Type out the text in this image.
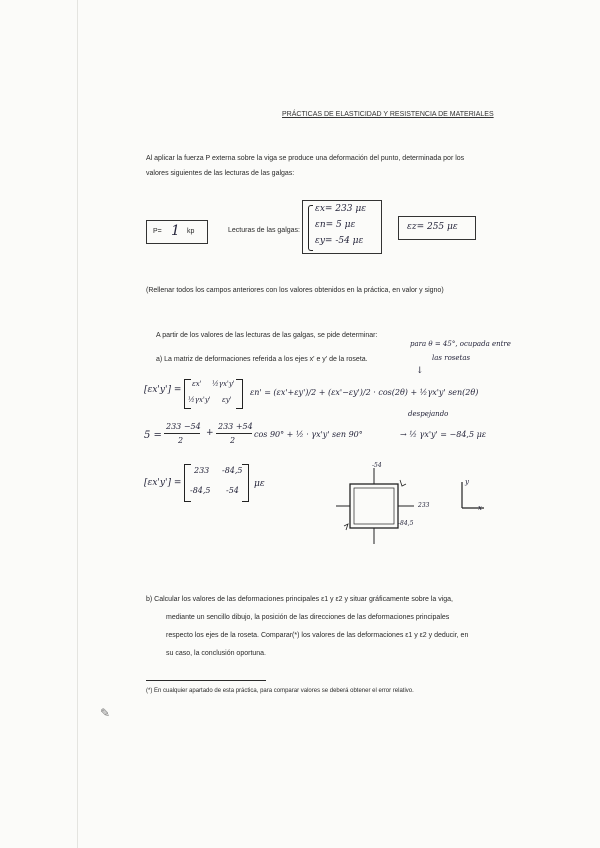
PRÁCTICAS DE ELASTICIDAD Y RESISTENCIA DE MATERIALES
Al aplicar la fuerza P externa sobre la viga se produce una deformación del punto, determinada por los
valores siguientes de las lecturas de las galgas:
P= 1 kp	Lecturas de las galgas:
εx= 233 με
εn= 5 με
εy= -54 με
εz= 255 με
(Rellenar todos los campos anteriores con los valores obtenidos en la práctica, en valor y signo)
A partir de los valores de las lecturas de las galgas, se pide determinar:
a) La matriz de deformaciones referida a los ejes x' e y' de la roseta.
para θ = 45°, ocupada entre
las rosetas
↓
[εx'y'] =
εx' ½γx'y'
½γx'y' εy'
εn' = (εx'+εy')/2 + (εx'−εy')/2 · cos(2θ) + ½γx'y' sen(2θ)
5 =
233 −54
2
+
233 +54
2
cos 90° + ½ · γx'y' sen 90°
despejando
→ ½ γx'y' = −84,5 με
[εx'y'] =
233 -84,5
-84,5 -54
με
-54
233
-84,5
y
x
b) Calcular los valores de las deformaciones principales ε1 y ε2 y situar gráficamente sobre la viga,
mediante un sencillo dibujo, la posición de las direcciones de las deformaciones principales
respecto los ejes de la roseta. Comparar(*) los valores de las deformaciones ε1 y ε2 y deducir, en
su caso, la conclusión oportuna.
(*) En cualquier apartado de esta práctica, para comparar valores se deberá obtener el error relativo.
✎
